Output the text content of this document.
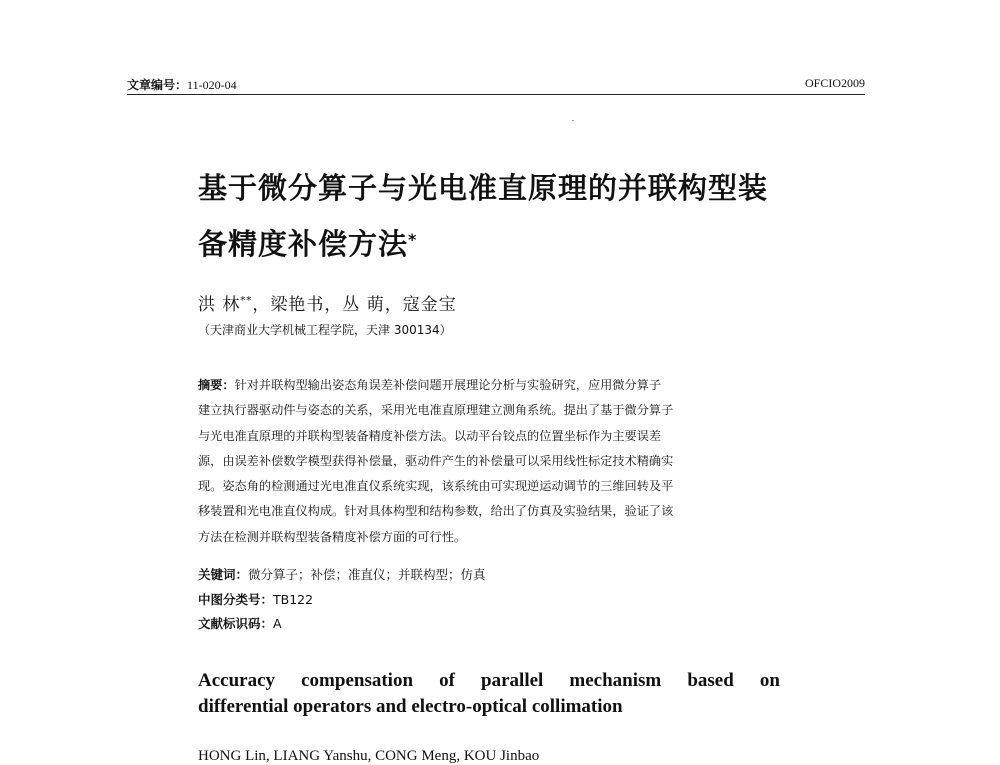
文章编号：11-020-04	OFCIO2009
基于微分算子与光电准直原理的并联构型装
备精度补偿方法*
洪 林**，梁艳书，丛 萌，寇金宝
（天津商业大学机械工程学院，天津 300134）
摘要：针对并联构型输出姿态角误差补偿问题开展理论分析与实验研究，应用微分算子
建立执行器驱动件与姿态的关系，采用光电准直原理建立测角系统。提出了基于微分算子
与光电准直原理的并联构型装备精度补偿方法。以动平台铰点的位置坐标作为主要误差
源，由误差补偿数学模型获得补偿量，驱动件产生的补偿量可以采用线性标定技术精确实
现。姿态角的检测通过光电准直仪系统实现，该系统由可实现逆运动调节的三维回转及平
移装置和光电准直仪构成。针对具体构型和结构参数，给出了仿真及实验结果，验证了该
方法在检测并联构型装备精度补偿方面的可行性。
关键词：微分算子；补偿；准直仪；并联构型；仿真
中图分类号：TB122
文献标识码：A
Accuracy compensation of parallel mechanism based on
differential operators and electro-optical collimation
HONG Lin, LIANG Yanshu, CONG Meng, KOU Jinbao
